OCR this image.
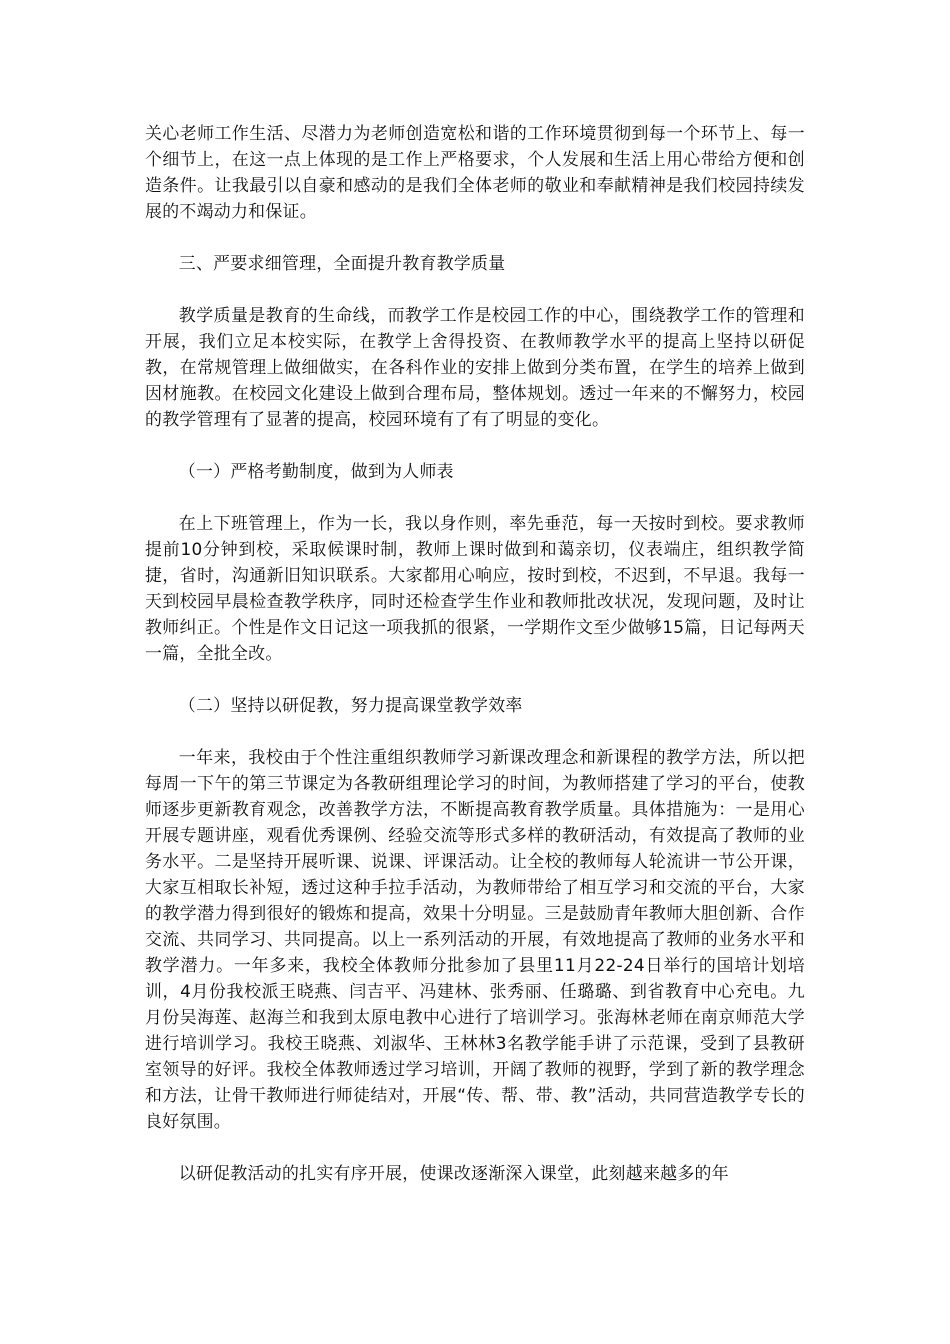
关心老师工作生活、尽潜力为老师创造宽松和谐的工作环境贯彻到每一个环节上、每一个细节上，在这一点上体现的是工作上严格要求，个人发展和生活上用心带给方便和创造条件。让我最引以自豪和感动的是我们全体老师的敬业和奉献精神是我们校园持续发展的不竭动力和保证。

三、严要求细管理，全面提升教育教学质量

教学质量是教育的生命线，而教学工作是校园工作的中心，围绕教学工作的管理和开展，我们立足本校实际，在教学上舍得投资、在教师教学水平的提高上坚持以研促教，在常规管理上做细做实，在各科作业的安排上做到分类布置，在学生的培养上做到因材施教。在校园文化建设上做到合理布局，整体规划。透过一年来的不懈努力，校园的教学管理有了显著的提高，校园环境有了有了明显的变化。

（一）严格考勤制度，做到为人师表

在上下班管理上，作为一长，我以身作则，率先垂范，每一天按时到校。要求教师提前10分钟到校，采取候课时制，教师上课时做到和蔼亲切，仪表端庄，组织教学简捷，省时，沟通新旧知识联系。大家都用心响应，按时到校，不迟到，不早退。我每一天到校园早晨检查教学秩序，同时还检查学生作业和教师批改状况，发现问题，及时让教师纠正。个性是作文日记这一项我抓的很紧，一学期作文至少做够15篇，日记每两天一篇，全批全改。

（二）坚持以研促教，努力提高课堂教学效率

一年来，我校由于个性注重组织教师学习新课改理念和新课程的教学方法，所以把每周一下午的第三节课定为各教研组理论学习的时间，为教师搭建了学习的平台，使教师逐步更新教育观念，改善教学方法，不断提高教育教学质量。具体措施为：一是用心开展专题讲座，观看优秀课例、经验交流等形式多样的教研活动，有效提高了教师的业务水平。二是坚持开展听课、说课、评课活动。让全校的教师每人轮流讲一节公开课，大家互相取长补短，透过这种手拉手活动，为教师带给了相互学习和交流的平台，大家的教学潜力得到很好的锻炼和提高，效果十分明显。三是鼓励青年教师大胆创新、合作交流、共同学习、共同提高。以上一系列活动的开展，有效地提高了教师的业务水平和教学潜力。一年多来，我校全体教师分批参加了县里11月22-24日举行的国培计划培训，4月份我校派王晓燕、闫吉平、冯建林、张秀丽、任璐璐、到省教育中心充电。九月份吴海莲、赵海兰和我到太原电教中心进行了培训学习。张海林老师在南京师范大学进行培训学习。我校王晓燕、刘淑华、王林林3名教学能手讲了示范课，受到了县教研室领导的好评。我校全体教师透过学习培训，开阔了教师的视野，学到了新的教学理念和方法，让骨干教师进行师徒结对，开展“传、帮、带、教”活动，共同营造教学专长的良好氛围。

以研促教活动的扎实有序开展，使课改逐渐深入课堂，此刻越来越多的年
